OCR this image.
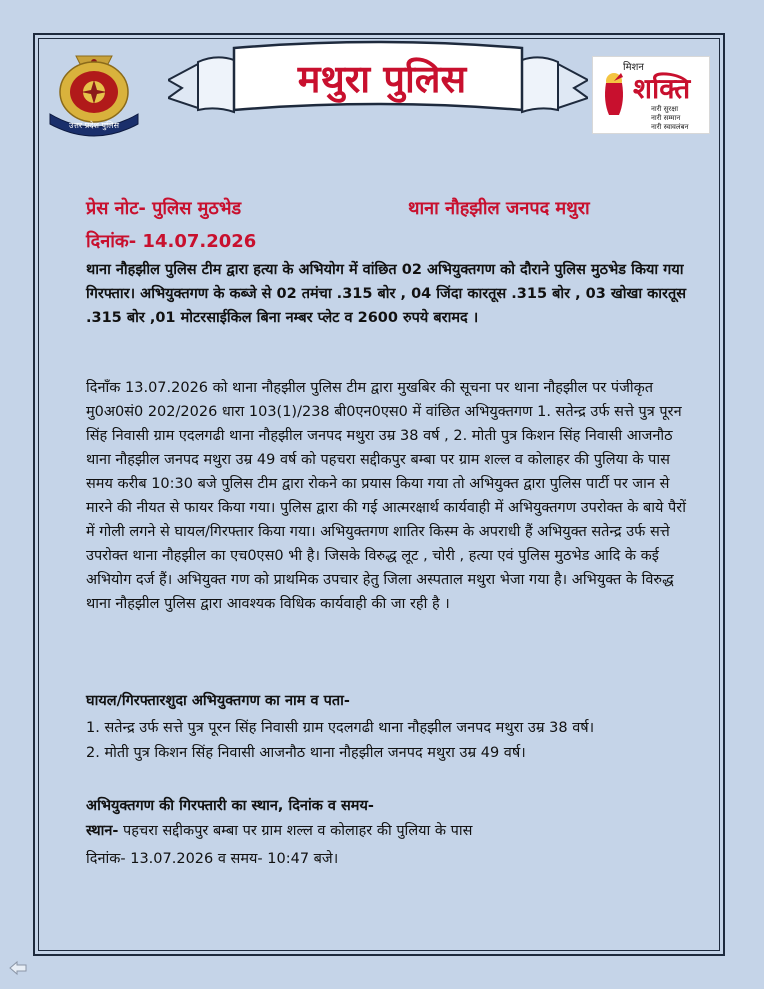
उत्तर प्रदेश पुलिस
मथुरा पुलिस	मिशन
शक्ति
नारी सुरक्षा
नारी सम्मान
नारी स्वावलंबन
प्रेस नोट- पुलिस मुठभेड	थाना नौहझील जनपद मथुरा
दिनांक- 14.07.2026
थाना नौहझील पुलिस टीम द्वारा हत्या के अभियोग में वांछित 02 अभियुक्तगण को दौराने पुलिस मुठभेड किया गया गिरफ्तार। अभियुक्तगण के कब्जे से 02 तमंचा .315 बोर , 04 जिंदा कारतूस .315 बोर , 03 खोखा कारतूस .315 बोर ,01 मोटरसाईकिल बिना नम्बर प्लेट व 2600 रुपये बरामद ।

दिनाँक 13.07.2026 को थाना नौहझील पुलिस टीम द्वारा मुखबिर की सूचना पर थाना नौहझील पर पंजीकृत मु0अ0सं0 202/2026 धारा 103(1)/238 बी0एन0एस0 में वांछित अभियुक्तगण 1. सतेन्द्र उर्फ सत्ते पुत्र पूरन सिंह निवासी ग्राम एदलगढी थाना नौहझील जनपद मथुरा उम्र 38 वर्ष , 2. मोती पुत्र किशन सिंह निवासी आजनौठ थाना नौहझील जनपद मथुरा उम्र 49 वर्ष को पहचरा सद्दीकपुर बम्बा पर ग्राम शल्ल व कोलाहर की पुलिया के पास समय करीब 10:30 बजे पुलिस टीम द्वारा रोकने का प्रयास किया गया तो अभियुक्त द्वारा पुलिस पार्टी पर जान से मारने की नीयत से फायर किया गया। पुलिस द्वारा की गई आत्मरक्षार्थ कार्यवाही में अभियुक्तगण उपरोक्त के बाये पैरों में गोली लगने से घायल/गिरफ्तार किया गया। अभियुक्तगण शातिर किस्म के अपराधी हैं अभियुक्त सतेन्द्र उर्फ सत्ते उपरोक्त थाना नौहझील का एच0एस0 भी है। जिसके विरुद्ध लूट , चोरी , हत्या एवं पुलिस मुठभेड आदि के कई अभियोग दर्ज हैं। अभियुक्त गण को प्राथमिक उपचार हेतु जिला अस्पताल मथुरा भेजा गया है। अभियुक्त के विरुद्ध थाना नौहझील पुलिस द्वारा आवश्यक विधिक कार्यवाही की जा रही है ।

घायल/गिरफ्तारशुदा अभियुक्तगण का नाम व पता-
1. सतेन्द्र उर्फ सत्ते पुत्र पूरन सिंह निवासी ग्राम एदलगढी थाना नौहझील जनपद मथुरा उम्र 38 वर्ष।
2. मोती पुत्र किशन सिंह निवासी आजनौठ थाना नौहझील जनपद मथुरा उम्र 49 वर्ष।
अभियुक्तगण की गिरफ्तारी का स्थान, दिनांक व समय-
स्थान- पहचरा सद्दीकपुर बम्बा पर ग्राम शल्ल व कोलाहर की पुलिया के पास
दिनांक- 13.07.2026 व समय- 10:47 बजे।
